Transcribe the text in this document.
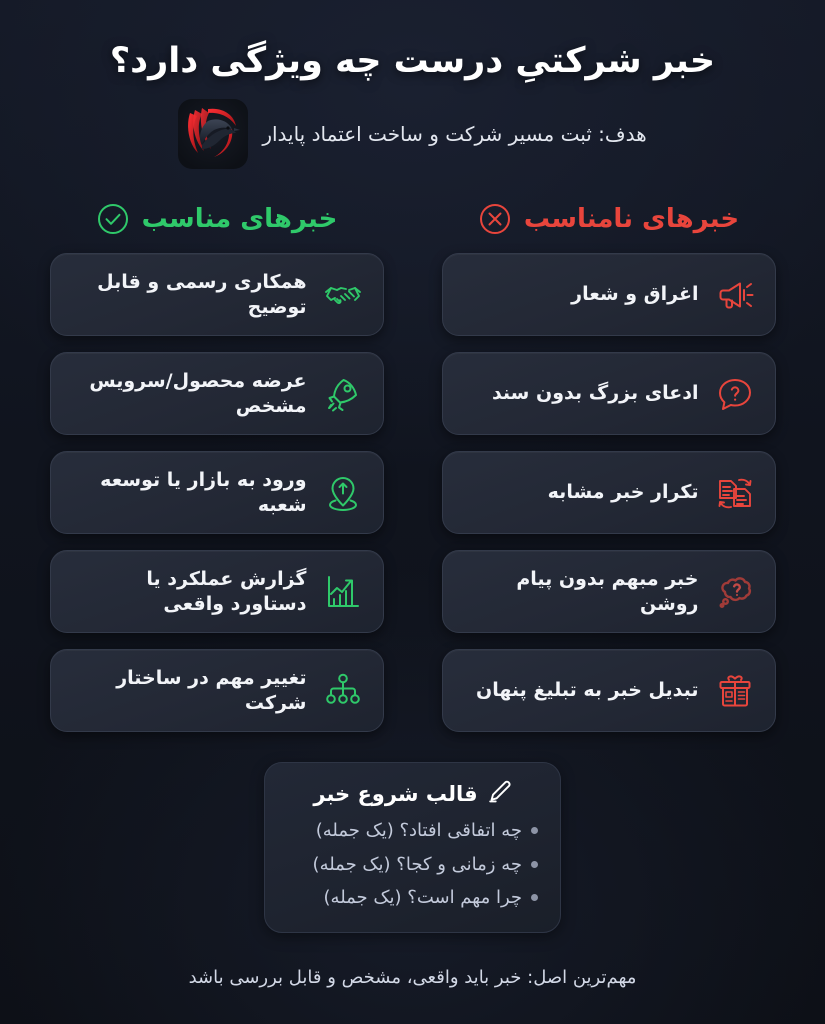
خبر شرکتیِ درست چه ویژگی دارد؟
هدف: ثبت مسیر شرکت و ساخت اعتماد پایدار
خبرهای نامناسب
اغراق و شعار
ادعای بزرگ بدون سند
تکرار خبر مشابه
خبر مبهم بدون پیام روشن
تبدیل خبر به تبلیغ پنهان
خبرهای مناسب
همکاری رسمی و قابل توضیح
عرضه محصول/سرویس مشخص
ورود به بازار یا توسعه شعبه
گزارش عملکرد یا دستاورد واقعی
تغییر مهم در ساختار شرکت
قالب شروع خبر
چه اتفاقی افتاد؟ (یک جمله)
چه زمانی و کجا؟ (یک جمله)
چرا مهم است؟ (یک جمله)
مهم‌ترین اصل: خبر باید واقعی، مشخص و قابل بررسی باشد
